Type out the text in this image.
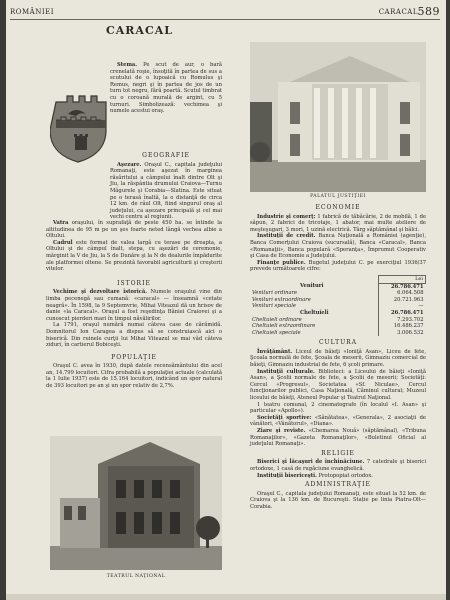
ROMÂNIEI	CARACAL 589
CARACAL
Stema. Pe scut de aur, o bară crenelată roşie, însoţită în partea de sus a scutului de o lupoaică cu Romulus şi Remus, negri şi în partea de jos de un turn tot negru, fără poartă. Scutul timbrat cu o coroană murală de argint, cu 5 turnuri. Simbolizează: vechimea şi numele acestui oraş.
GEOGRAFIE
Aşezare. Oraşul C., capitala judeţului Romanaţi, este aşezat în marginea răsăritului a câmpului înalt dintre Olt şi Jiu, la răspântia drumului Craiova—Turnu Măgurele şi Corabia—Slatina. Este situat pe o terasă înaltă, la o distanţă de circa 12 km. de râul Olt, fiind singurul oraş al judeţului, ca așezare principală şi cel mai vechi centru al regiunii.
Vatra oraşului, în suprafaţă de peste 450 ha. se întinde la altitudinea de 95 m pe un şes foarte neted lângă vechea albie a Oltului.
Cadrul este format de valea largă cu terase pe dreapta, a Oltului şi de câmpul înalt, stepa, cu aşezări de ceremonie, mărginit la V de Jiu, la S de Dunăre şi la N de dealurile împădurite ale platformei oltene. Se prezintă favorabil agriculturii şi creşterii vitelor.
ISTORIE
Vechime şi dezvoltare istorică. Numele oraşului vine din limba pecenegă sau cumană: «caracal» — înseamnă «cetate neagră». În 1598, la 9 Septemvrie, Mihai Viteazul dă un hrisov de danie «la Caracal». Oraşul a fost reşedinţa Băniei Craiovei şi a cunoscut pierderi mari în timpul năvălirilor.
La 1791, oraşul numără numai câteva case de cărămidă. Domnitorul Ion Caragea a dispus să se construiască aici o biserică. Din ruinele curţii lui Mihai Viteazul se mai văd câteva ziduri, în cartierul Bobiceşti.
POPULAŢIE
Oraşul C. avea în 1930, după datele recensământului din acel an, 14.799 locuitori. Cifra probabilă a populaţiei actuale (calculată la 1 Iulie 1937) este de 15.164 locuitori, indicând un spor natural de 393 locuitori pe an şi un spor relativ de 2,7%.
TEATRUL NAŢIONAL
PALATUL JUSTIŢIEI
ECONOMIE
Industrie şi comerţ: 1 fabrică de tăbăcărie, 2 de mobilă, 1 de săpun, 2 fabrici de tricotaje, 1 abator, mai multe ateliere de meşteşugari, 3 mori, 1 uzină electrică. Târg săptămânal şi bâlci.
Instituţii de credit. Banca Naţională a României (agenţie), Banca Comerţului Craiova (sucursală), Banca «Caracal», Banca «Romanaţii», Banca populară «Speranţa», Împrumut Cooperativ şi Casa de Economie a Judeţului.
Finanţe publice. Bugetul judeţului C. pe exerciţiul 1936/37 prevede următoarele cifre:
	Lei
Venituri	26.786.471
Venituri ordinare	6.064.508
Venituri extraordinare	20.721.963
Venituri speciale	—
Cheltuieli	26.786.471
Cheltuieli ordinare	7.293.702
Cheltuieli extraordinare	16.486.237
Cheltuieli speciale	3.006.532
CULTURA
Învăţământ. Liceul de băieţi «Ioniţă Asan», Liceu de fete, Şcoala normală de fete, Şcoala de meserii, Gimnaziu comercial de băieţi, Gimnaziu industrial de fete, 6 şcoli primare.
Instituţii culturale. Biblioteci: a Liceului de băieţi «Ioniţă Asan», a Şcolii normale de fete, a Şcolii de meserii; Societăţi: Cercul «Progresul», Societatea «Sf. Niculae», Cercul funcţionarilor publici, Casa Naţională, Căminul cultural; Muzeul liceului de băieţi, Ateneul Popular şi Teatrul Naţional.
1 teatru comunal, 2 cinematografe (în localul «I. Asan» şi particular «Apollo»).
Societăţi sportive: «Sănătatea», «Generala», 2 asociaţii de vânători, «Vânătorul», «Diana».
Ziare şi reviste. «Chemarea Nouă» (săptămânal), «Tribuna Romanaţilor», «Gazeta Romanaţilor», «Buletinul Oficial al judeţului Romanaţi».
RELIGIE
Biserici şi lăcaşuri de închinăciune. 7 catedrale şi biserici ortodoxe, 1 casă de rugăciune evanghelică.
Instituţii bisericeşti. Protopopiat ortodox.
ADMINISTRAŢIE
Oraşul C., capitala judeţului Romanaţi, este situat la 52 km. de Craiova şi la 136 km. de Bucureşti. Stație pe linia Piatra-Olt—Corabia.
